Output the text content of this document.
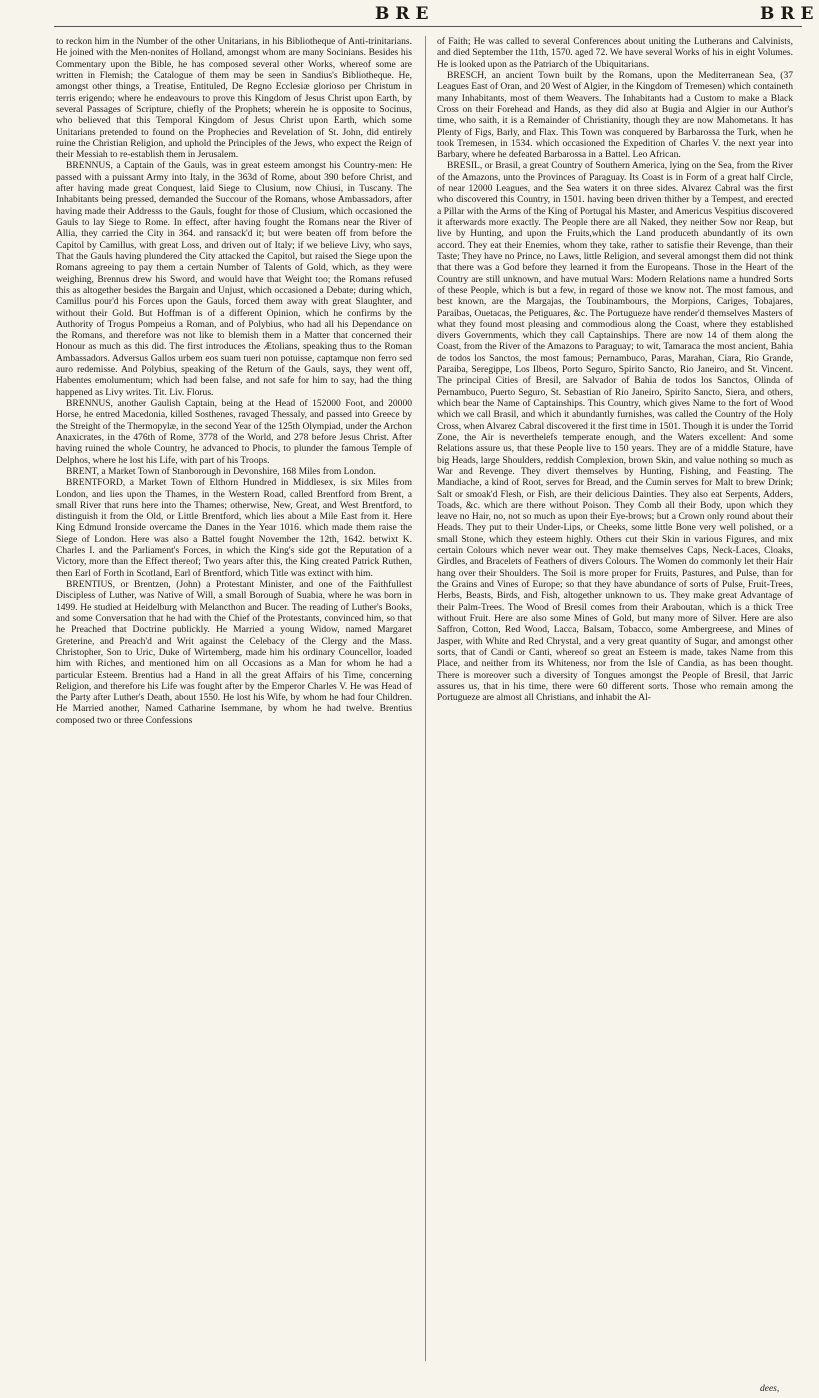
BRE	BRE

to reckon him in the Number of the other Unitarians, in his Bibliotheque of Anti-trinitarians. He joined with the Men-nonites of Holland, amongst whom are many Socinians. Besides his Commentary upon the Bible, he has composed several other Works, whereof some are written in Flemish; the Catalogue of them may be seen in Sandius's Bibliotheque. He, amongst other things, a Treatise, Entituled, De Regno Ecclesiæ glorioso per Christum in terris erigendo; where he endeavours to prove this Kingdom of Jesus Christ upon Earth, by several Passages of Scripture, chiefly of the Prophets; wherein he is opposite to Socinus, who believed that this Temporal Kingdom of Jesus Christ upon Earth, which some Unitarians pretended to found on the Prophecies and Revelation of St. John, did entirely ruine the Christian Religion, and uphold the Principles of the Jews, who expect the Reign of their Messiah to re-establish them in Jerusalem.

BRENNUS, a Captain of the Gauls, was in great esteem amongst his Country-men: He passed with a puissant Army into Italy, in the 363d of Rome, about 390 before Christ, and after having made great Conquest, laid Siege to Clusium, now Chiusi, in Tuscany. The Inhabitants being pressed, demanded the Succour of the Romans, whose Ambassadors, after having made their Addresss to the Gauls, fought for those of Clusium, which occasioned the Gauls to lay Siege to Rome. In effect, after having fought the Romans near the River of Allia, they carried the City in 364. and ransack'd it; but were beaten off from before the Capitol by Camillus, with great Loss, and driven out of Italy; if we believe Livy, who says, That the Gauls having plundered the City attacked the Capitol, but raised the Siege upon the Romans agreeing to pay them a certain Number of Talents of Gold, which, as they were weighing, Brennus drew his Sword, and would have that Weight too; the Romans refused this as altogether besides the Bargain and Unjust, which occasioned a Debate; during which, Camillus pour'd his Forces upon the Gauls, forced them away with great Slaughter, and without their Gold. But Hoffman is of a different Opinion, which he confirms by the Authority of Trogus Pompeius a Roman, and of Polybius, who had all his Dependance on the Romans, and therefore was not like to blemish them in a Matter that concerned their Honour as much as this did. The first introduces the Ætolians, speaking thus to the Roman Ambassadors. Adversus Gallos urbem eos suam tueri non potuisse, captamque non ferro sed auro redemisse. And Polybius, speaking of the Return of the Gauls, says, they went off, Habentes emolumentum; which had been false, and not safe for him to say, had the thing happened as Livy writes. Tit. Liv. Florus.

BRENNUS, another Gaulish Captain, being at the Head of 152000 Foot, and 20000 Horse, he entred Macedonia, killed Sosthenes, ravaged Thessaly, and passed into Greece by the Streight of the Thermopylæ, in the second Year of the 125th Olympiad, under the Archon Anaxicrates, in the 476th of Rome, 3778 of the World, and 278 before Jesus Christ. After having ruined the whole Country, he advanced to Phocis, to plunder the famous Temple of Delphos, where he lost his Life, with part of his Troops.

BRENT, a Market Town of Stanborough in Devonshire, 168 Miles from London.

BRENTFORD, a Market Town of Elthorn Hundred in Middlesex, is six Miles from London, and lies upon the Thames, in the Western Road, called Brentford from Brent, a small River that runs here into the Thames; otherwise, New, Great, and West Brentford, to distinguish it from the Old, or Little Brentford, which lies about a Mile East from it. Here King Edmund Ironside overcame the Danes in the Year 1016. which made them raise the Siege of London. Here was also a Battel fought November the 12th, 1642. betwixt K. Charles I. and the Parliament's Forces, in which the King's side got the Reputation of a Victory, more than the Effect thereof; Two years after this, the King created Patrick Ruthen, then Earl of Forth in Scotland, Earl of Brentford, which Title was extinct with him.

BRENTIUS, or Brentzen, (John) a Protestant Minister, and one of the Faithfullest Discipless of Luther, was Native of Will, a small Borough of Suabia, where he was born in 1499. He studied at Heidelburg with Melancthon and Bucer. The reading of Luther's Books, and some Conversation that he had with the Chief of the Protestants, convinced him, so that he Preached that Doctrine publickly. He Married a young Widow, named Margaret Greterine, and Preach'd and Writ against the Celebacy of the Clergy and the Mass. Christopher, Son to Uric, Duke of Wirtemberg, made him his ordinary Councellor, loaded him with Riches, and mentioned him on all Occasions as a Man for whom he had a particular Esteem. Brentius had a Hand in all the great Affairs of his Time, concerning Religion, and therefore his Life was fought after by the Emperor Charles V. He was Head of the Party after Luther's Death, about 1550. He lost his Wife, by whom he had four Children. He Married another, Named Catharine Isemmane, by whom he had twelve. Brentius composed two or three Confessions

of Faith; He was called to several Conferences about uniting the Lutherans and Calvinists, and died September the 11th, 1570. aged 72. We have several Works of his in eight Volumes. He is looked upon as the Patriarch of the Ubiquitarians.

BRESCH, an ancient Town built by the Romans, upon the Mediterranean Sea, (37 Leagues East of Oran, and 20 West of Algier, in the Kingdom of Tremesen) which containeth many Inhabitants, most of them Weavers. The Inhabitants had a Custom to make a Black Cross on their Forehead and Hands, as they did also at Bugia and Algier in our Author's time, who saith, it is a Remainder of Christianity, though they are now Mahometans. It has Plenty of Figs, Barly, and Flax. This Town was conquered by Barbarossa the Turk, when he took Tremesen, in 1534. which occasioned the Expedition of Charles V. the next year into Barbary, where he defeated Barbarossa in a Battel. Leo African.

BRESIL, or Brasil, a great Country of Southern America, lying on the Sea, from the River of the Amazons, unto the Provinces of Paraguay. Its Coast is in Form of a great half Circle, of near 12000 Leagues, and the Sea waters it on three sides. Alvarez Cabral was the first who discovered this Country, in 1501. having been driven thither by a Tempest, and erected a Pillar with the Arms of the King of Portugal his Master, and Americus Vespitius discovered it afterwards more exactly. The People there are all Naked, they neither Sow nor Reap, but live by Hunting, and upon the Fruits,which the Land produceth abundantly of its own accord. They eat their Enemies, whom they take, rather to satisfie their Revenge, than their Taste; They have no Prince, no Laws, little Religion, and several amongst them did not think that there was a God before they learned it from the Europeans. Those in the Heart of the Country are still unknown, and have mutual Wars: Modern Relations name a hundred Sorts of these People, which is but a few, in regard of those we know not. The most famous, and best known, are the Margajas, the Toubinambours, the Morpions, Cariges, Tobajares, Paraibas, Ouetacas, the Petiguares, &c. The Portugueze have render'd themselves Masters of what they found most pleasing and commodious along the Coast, where they established divers Governments, which they call Captainships. There are now 14 of them along the Coast, from the River of the Amazons to Paraguay; to wit, Tamaraca the most ancient, Bahia de todos los Sanctos, the most famous; Pernambuco, Paras, Marahan, Ciara, Rio Grande, Paraiba, Seregippe, Los Ilbeos, Porto Seguro, Spirito Sancto, Rio Janeiro, and St. Vincent. The principal Cities of Bresil, are Salvador of Bahia de todos los Sanctos, Olinda of Pernambuco, Puerto Seguro, St. Sebastian of Rio Janeiro, Spirito Sancto, Siera, and others, which bear the Name of Captainships. This Country, which gives Name to the fort of Wood which we call Brasil, and which it abundantly furnishes, was called the Country of the Holy Cross, when Alvarez Cabral discovered it the first time in 1501. Though it is under the Torrid Zone, the Air is neverthelefs temperate enough, and the Waters excellent: And some Relations assure us, that these People live to 150 years. They are of a middle Stature, have big Heads, large Shoulders, reddish Complexion, brown Skin, and value nothing so much as War and Revenge. They divert themselves by Hunting, Fishing, and Feasting. The Mandiache, a kind of Root, serves for Bread, and the Cumin serves for Malt to brew Drink; Salt or smoak'd Flesh, or Fish, are their delicious Dainties. They also eat Serpents, Adders, Toads, &c. which are there without Poison. They Comb all their Body, upon which they leave no Hair, no, not so much as upon their Eye-brows; but a Crown only round about their Heads. They put to their Under-Lips, or Cheeks, some little Bone very well polished, or a small Stone, which they esteem highly. Others cut their Skin in various Figures, and mix certain Colours which never wear out. They make themselves Caps, Neck-Laces, Cloaks, Girdles, and Bracelets of Feathers of divers Colours. The Women do commonly let their Hair hang over their Shoulders. The Soil is more proper for Fruits, Pastures, and Pulse, than for the Grains and Vines of Europe; so that they have abundance of sorts of Pulse, Fruit-Trees, Herbs, Beasts, Birds, and Fish, altogether unknown to us. They make great Advantage of their Palm-Trees. The Wood of Bresil comes from their Araboutan, which is a thick Tree without Fruit. Here are also some Mines of Gold, but many more of Silver. Here are also Saffron, Cotton, Red Wood, Lacca, Balsam, Tobacco, some Ambergreese, and Mines of Jasper, with White and Red Chrystal, and a very great quantity of Sugar, and amongst other sorts, that of Candi or Canti, whereof so great an Esteem is made, takes Name from this Place, and neither from its Whiteness, nor from the Isle of Candia, as has been thought. There is moreover such a diversity of Tongues amongst the People of Bresil, that Jarric assures us, that in his time, there were 60 different sorts. Those who remain among the Portugueze are almost all Christians, and inhabit the Al-

dees,
